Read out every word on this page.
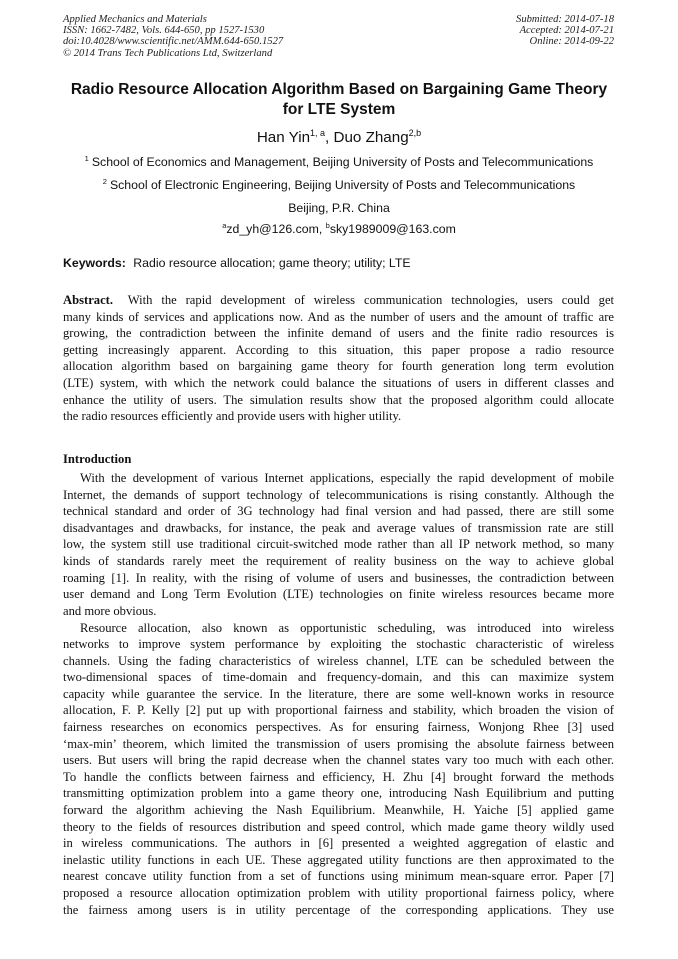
Applied Mechanics and Materials
ISSN: 1662-7482, Vols. 644-650, pp 1527-1530
doi:10.4028/www.scientific.net/AMM.644-650.1527
© 2014 Trans Tech Publications Ltd, Switzerland
Submitted: 2014-07-18
Accepted: 2014-07-21
Online: 2014-09-22
Radio Resource Allocation Algorithm Based on Bargaining Game Theory
for LTE System
Han Yin$^{1, a}$, Duo Zhang$^{2,b}$
$^1$ School of Economics and Management, Beijing University of Posts and Telecommunications
$^2$ School of Electronic Engineering, Beijing University of Posts and Telecommunications
Beijing, P.R. China
$^a$zd_yh@126.com, $^b$sky1989009@163.com
Keywords: Radio resource allocation; game theory; utility; LTE
Abstract. With the rapid development of wireless communication technologies, users could get
many kinds of services and applications now. And as the number of users and the amount of traffic are
growing, the contradiction between the infinite demand of users and the finite radio resources is
getting increasingly apparent. According to this situation, this paper propose a radio resource
allocation algorithm based on bargaining game theory for fourth generation long term evolution
(LTE) system, with which the network could balance the situations of users in different classes and
enhance the utility of users. The simulation results show that the proposed algorithm could allocate
the radio resources efficiently and provide users with higher utility.
Introduction
With the development of various Internet applications, especially the rapid development of mobile
Internet, the demands of support technology of telecommunications is rising constantly. Although the
technical standard and order of 3G technology had final version and had passed, there are still some
disadvantages and drawbacks, for instance, the peak and average values of transmission rate are still
low, the system still use traditional circuit-switched mode rather than all IP network method, so many
kinds of standards rarely meet the requirement of reality business on the way to achieve global
roaming [1]. In reality, with the rising of volume of users and businesses, the contradiction between
user demand and Long Term Evolution (LTE) technologies on finite wireless resources became more
and more obvious.
Resource allocation, also known as opportunistic scheduling, was introduced into wireless
networks to improve system performance by exploiting the stochastic characteristic of wireless
channels. Using the fading characteristics of wireless channel, LTE can be scheduled between the
two-dimensional spaces of time-domain and frequency-domain, and this can maximize system
capacity while guarantee the service. In the literature, there are some well-known works in resource
allocation, F. P. Kelly [2] put up with proportional fairness and stability, which broaden the vision of
fairness researches on economics perspectives. As for ensuring fairness, Wonjong Rhee [3] used
‘max-min’ theorem, which limited the transmission of users promising the absolute fairness between
users. But users will bring the rapid decrease when the channel states vary too much with each other.
To handle the conflicts between fairness and efficiency, H. Zhu [4] brought forward the methods
transmitting optimization problem into a game theory one, introducing Nash Equilibrium and putting
forward the algorithm achieving the Nash Equilibrium. Meanwhile, H. Yaiche [5] applied game
theory to the fields of resources distribution and speed control, which made game theory wildly used
in wireless communications. The authors in [6] presented a weighted aggregation of elastic and
inelastic utility functions in each UE. These aggregated utility functions are then approximated to the
nearest concave utility function from a set of functions using minimum mean-square error. Paper [7]
proposed a resource allocation optimization problem with utility proportional fairness policy, where
the fairness among users is in utility percentage of the corresponding applications. They use
